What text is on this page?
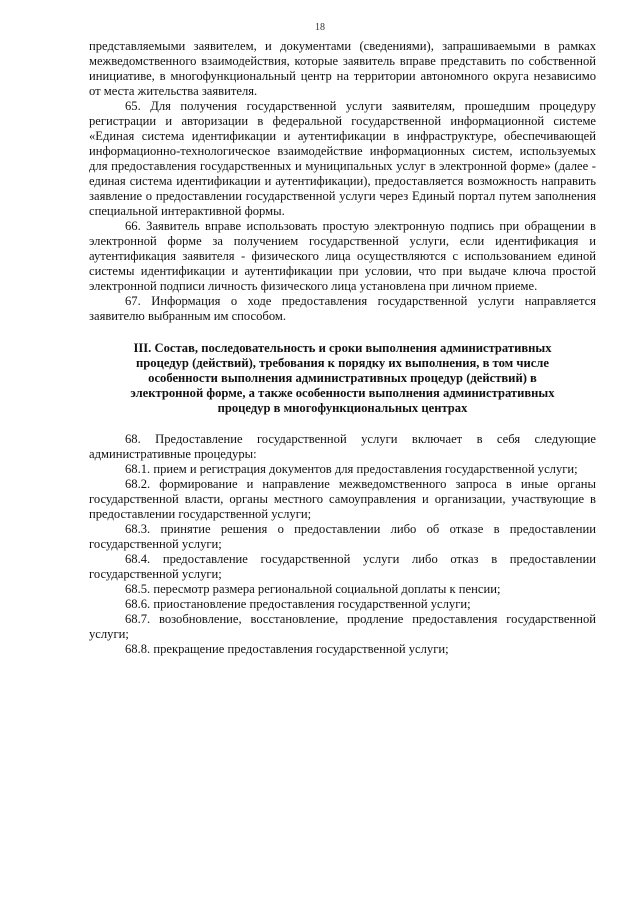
18

представляемыми заявителем, и документами (сведениями), запрашиваемыми в рамках межведомственного взаимодействия, которые заявитель вправе представить по собственной инициативе, в многофункциональный центр на территории автономного округа независимо от места жительства заявителя.

65. Для получения государственной услуги заявителям, прошедшим процедуру регистрации и авторизации в федеральной государственной информационной системе «Единая система идентификации и аутентификации в инфраструктуре, обеспечивающей информационно-технологическое взаимодействие информационных систем, используемых для предоставления государственных и муниципальных услуг в электронной форме» (далее - единая система идентификации и аутентификации), предоставляется возможность направить заявление о предоставлении государственной услуги через Единый портал путем заполнения специальной интерактивной формы.

66. Заявитель вправе использовать простую электронную подпись при обращении в электронной форме за получением государственной услуги, если идентификация и аутентификация заявителя - физического лица осуществляются с использованием единой системы идентификации и аутентификации при условии, что при выдаче ключа простой электронной подписи личность физического лица установлена при личном приеме.

67. Информация о ходе предоставления государственной услуги направляется заявителю выбранным им способом.

III. Состав, последовательность и сроки выполнения административных процедур (действий), требования к порядку их выполнения, в том числе особенности выполнения административных процедур (действий) в электронной форме, а также особенности выполнения административных процедур в многофункциональных центрах

68. Предоставление государственной услуги включает в себя следующие административные процедуры:

68.1. прием и регистрация документов для предоставления государственной услуги;

68.2. формирование и направление межведомственного запроса в иные органы государственной власти, органы местного самоуправления и организации, участвующие в предоставлении государственной услуги;

68.3. принятие решения о предоставлении либо об отказе в предоставлении государственной услуги;

68.4. предоставление государственной услуги либо отказ в предоставлении государственной услуги;

68.5. пересмотр размера региональной социальной доплаты к пенсии;

68.6. приостановление предоставления государственной услуги;

68.7. возобновление, восстановление, продление предоставления государственной услуги;

68.8. прекращение предоставления государственной услуги;
